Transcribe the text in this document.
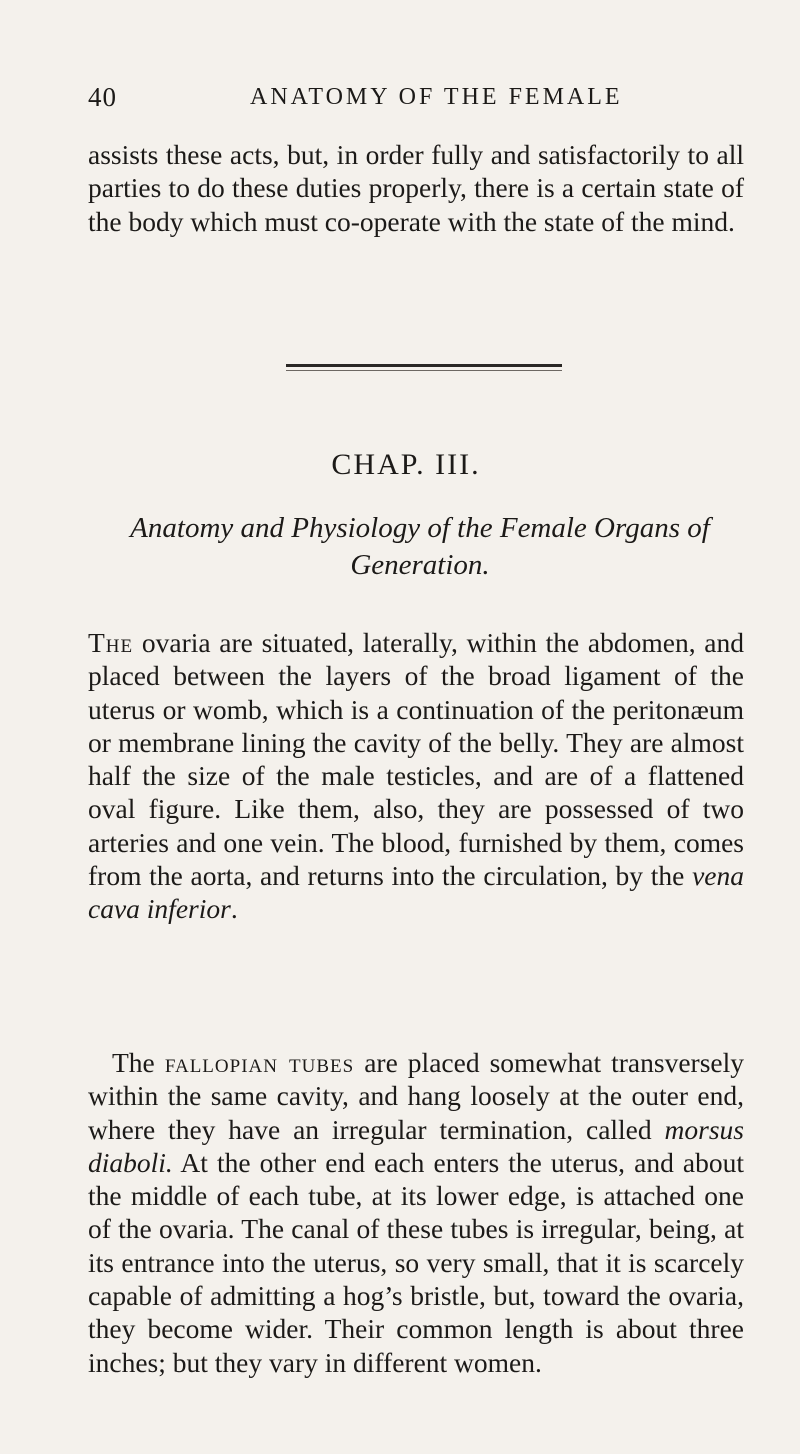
40	ANATOMY OF THE FEMALE

assists these acts, but, in order fully and satisfactorily to all parties to do these duties properly, there is a certain state of the body which must co-operate with the state of the mind.

CHAP. III.
Anatomy and Physiology of the Female Organs of Generation.

The ovaria are situated, laterally, within the abdomen, and placed between the layers of the broad ligament of the uterus or womb, which is a continuation of the peritonæum or membrane lining the cavity of the belly. They are almost half the size of the male testicles, and are of a flattened oval figure. Like them, also, they are possessed of two arteries and one vein. The blood, furnished by them, comes from the aorta, and returns into the circulation, by the vena cava inferior.

The fallopian tubes are placed somewhat transversely within the same cavity, and hang loosely at the outer end, where they have an irregular termination, called morsus diaboli. At the other end each enters the uterus, and about the middle of each tube, at its lower edge, is attached one of the ovaria. The canal of these tubes is irregular, being, at its entrance into the uterus, so very small, that it is scarcely capable of admitting a hog’s bristle, but, toward the ovaria, they become wider. Their common length is about three inches; but they vary in different women.
